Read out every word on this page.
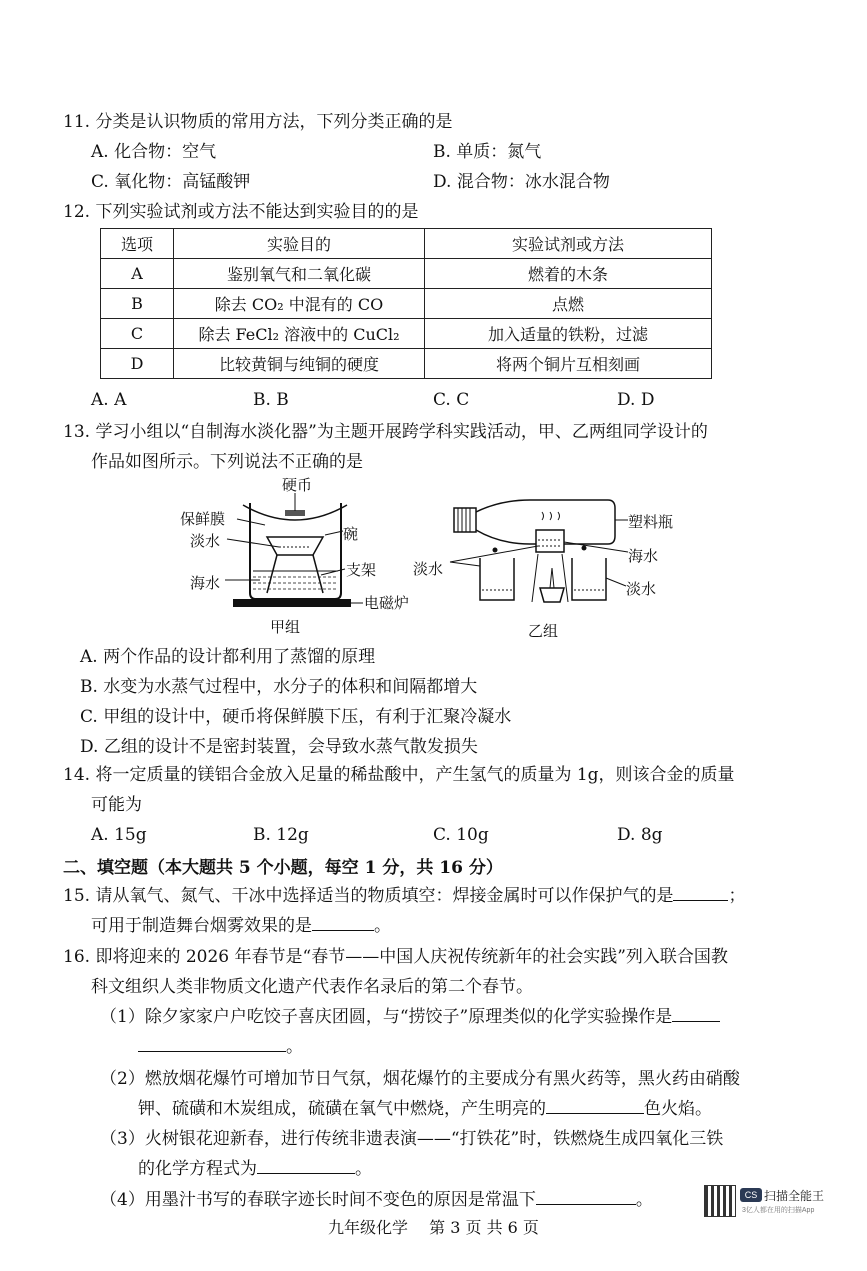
11. 分类是认识物质的常用方法，下列分类正确的是
A. 化合物：空气	B. 单质：氮气
C. 氧化物：高锰酸钾	D. 混合物：冰水混合物
12. 下列实验试剂或方法不能达到实验目的的是
选项	实验目的	实验试剂或方法
A	鉴别氧气和二氧化碳	燃着的木条
B	除去 CO₂ 中混有的 CO	点燃
C	除去 FeCl₂ 溶液中的 CuCl₂	加入适量的铁粉，过滤
D	比较黄铜与纯铜的硬度	将两个铜片互相刻画
A. A	B. B	C. C	D. D
13. 学习小组以“自制海水淡化器”为主题开展跨学科实践活动，甲、乙两组同学设计的
作品如图所示。下列说法不正确的是
硬币
保鲜膜
淡水	碗
支架
海水
电磁炉
甲组
塑料瓶
海水
淡水
淡水
乙组
A. 两个作品的设计都利用了蒸馏的原理
B. 水变为水蒸气过程中，水分子的体积和间隔都增大
C. 甲组的设计中，硬币将保鲜膜下压，有利于汇聚冷凝水
D. 乙组的设计不是密封装置，会导致水蒸气散发损失
14. 将一定质量的镁铝合金放入足量的稀盐酸中，产生氢气的质量为 1g，则该合金的质量
可能为
A. 15g	B. 12g	C. 10g	D. 8g
二、填空题（本大题共 5 个小题，每空 1 分，共 16 分）
15. 请从氧气、氮气、干冰中选择适当的物质填空：焊接金属时可以作保护气的是	；
可用于制造舞台烟雾效果的是	。
16. 即将迎来的 2026 年春节是“春节——中国人庆祝传统新年的社会实践”列入联合国教
科文组织人类非物质文化遗产代表作名录后的第二个春节。
（1）除夕家家户户吃饺子喜庆团圆，与“捞饺子”原理类似的化学实验操作是
。
（2）燃放烟花爆竹可增加节日气氛，烟花爆竹的主要成分有黑火药等，黑火药由硝酸
钾、硫磺和木炭组成，硫磺在氧气中燃烧，产生明亮的	色火焰。
（3）火树银花迎新春，进行传统非遗表演——“打铁花”时，铁燃烧生成四氧化三铁
的化学方程式为	。
（4）用墨汁书写的春联字迹长时间不变色的原因是常温下	。	CS 扫描全能王
3亿人都在用的扫描App
九年级化学　 第 3 页 共 6 页
